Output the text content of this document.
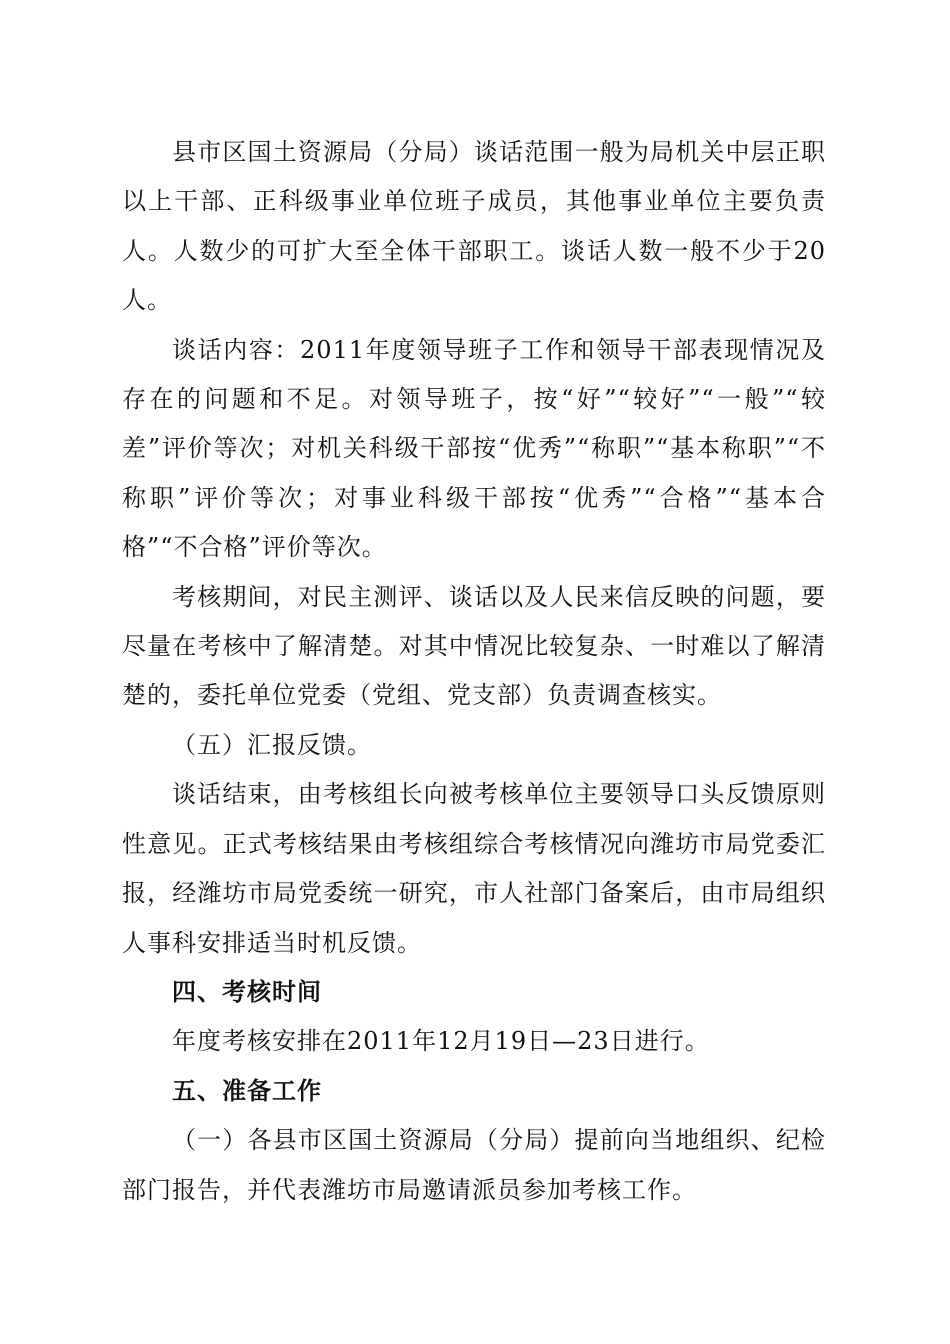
县市区国土资源局（分局）谈话范围一般为局机关中层正职以上干部、正科级事业单位班子成员，其他事业单位主要负责人。人数少的可扩大至全体干部职工。谈话人数一般不少于20人。

谈话内容：2011年度领导班子工作和领导干部表现情况及存在的问题和不足。对领导班子，按“好”“较好”“一般”“较差”评价等次；对机关科级干部按“优秀”“称职”“基本称职”“不称职”评价等次；对事业科级干部按“优秀”“合格”“基本合格”“不合格”评价等次。

考核期间，对民主测评、谈话以及人民来信反映的问题，要尽量在考核中了解清楚。对其中情况比较复杂、一时难以了解清楚的，委托单位党委（党组、党支部）负责调查核实。

（五）汇报反馈。

谈话结束，由考核组长向被考核单位主要领导口头反馈原则性意见。正式考核结果由考核组综合考核情况向潍坊市局党委汇报，经潍坊市局党委统一研究，市人社部门备案后，由市局组织人事科安排适当时机反馈。

四、考核时间

年度考核安排在2011年12月19日—23日进行。

五、准备工作

（一）各县市区国土资源局（分局）提前向当地组织、纪检部门报告，并代表潍坊市局邀请派员参加考核工作。
